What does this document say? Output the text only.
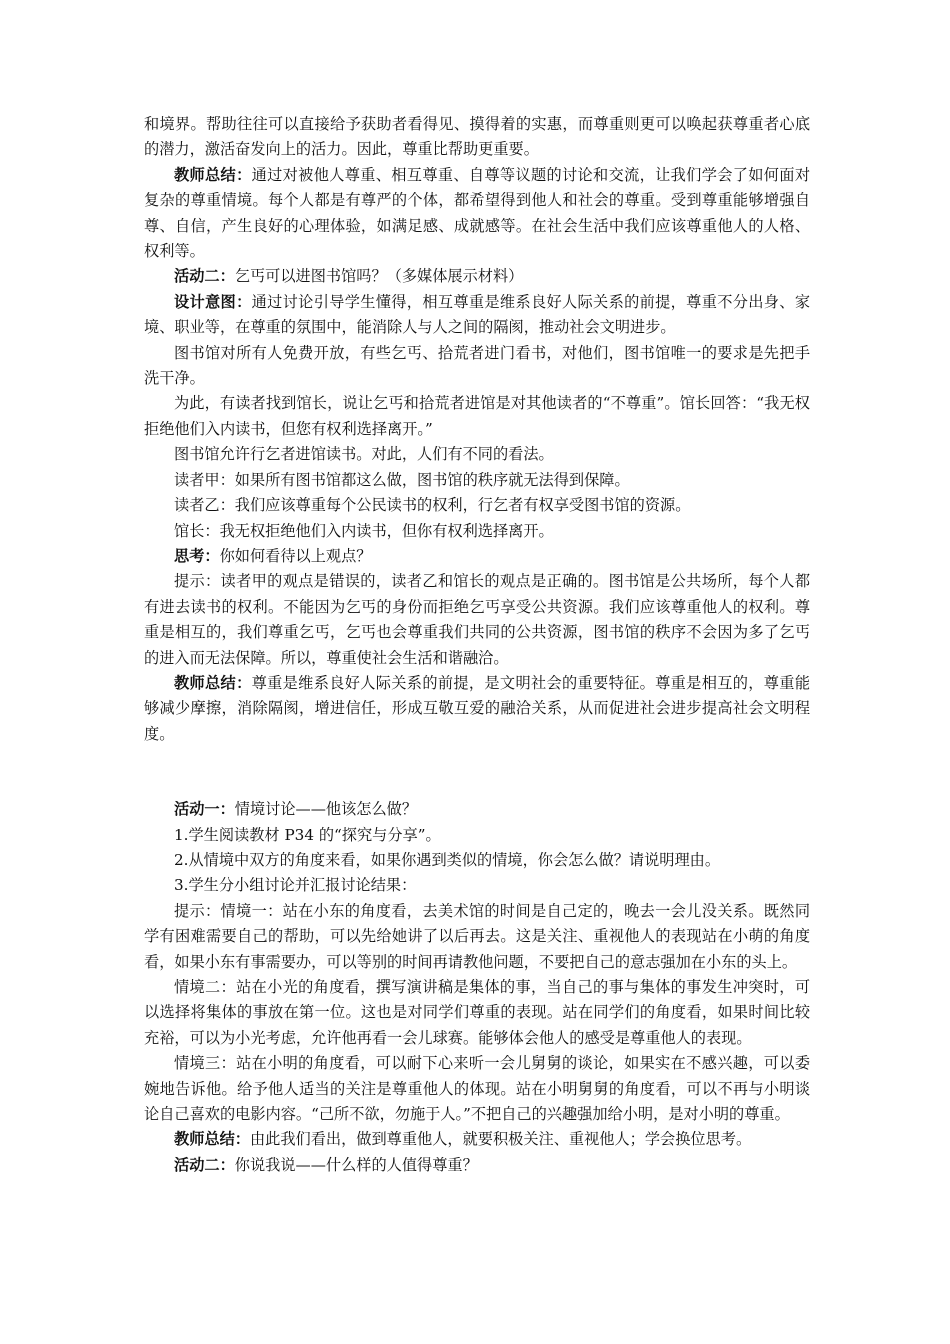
和境界。帮助往往可以直接给予获助者看得见、摸得着的实惠，而尊重则更可以唤起获尊重者心底的潜力，激活奋发向上的活力。因此，尊重比帮助更重要。

教师总结：通过对被他人尊重、相互尊重、自尊等议题的讨论和交流，让我们学会了如何面对复杂的尊重情境。每个人都是有尊严的个体，都希望得到他人和社会的尊重。受到尊重能够增强自尊、自信，产生良好的心理体验，如满足感、成就感等。在社会生活中我们应该尊重他人的人格、权利等。

活动二：乞丐可以进图书馆吗？（多媒体展示材料）

设计意图：通过讨论引导学生懂得，相互尊重是维系良好人际关系的前提，尊重不分出身、家境、职业等，在尊重的氛围中，能消除人与人之间的隔阂，推动社会文明进步。

图书馆对所有人免费开放，有些乞丐、拾荒者进门看书，对他们，图书馆唯一的要求是先把手洗干净。

为此，有读者找到馆长，说让乞丐和拾荒者进馆是对其他读者的“不尊重”。馆长回答：“我无权拒绝他们入内读书，但您有权利选择离开。”

图书馆允许行乞者进馆读书。对此，人们有不同的看法。

读者甲：如果所有图书馆都这么做，图书馆的秩序就无法得到保障。

读者乙：我们应该尊重每个公民读书的权利，行乞者有权享受图书馆的资源。

馆长：我无权拒绝他们入内读书，但你有权利选择离开。

思考：你如何看待以上观点？

提示：读者甲的观点是错误的，读者乙和馆长的观点是正确的。图书馆是公共场所，每个人都有进去读书的权利。不能因为乞丐的身份而拒绝乞丐享受公共资源。我们应该尊重他人的权利。尊重是相互的，我们尊重乞丐，乞丐也会尊重我们共同的公共资源，图书馆的秩序不会因为多了乞丐的进入而无法保障。所以，尊重使社会生活和谐融洽。

教师总结：尊重是维系良好人际关系的前提，是文明社会的重要特征。尊重是相互的，尊重能够减少摩擦，消除隔阂，增进信任，形成互敬互爱的融洽关系，从而促进社会进步提高社会文明程度。

活动一：情境讨论——他该怎么做？

1.学生阅读教材 P34 的“探究与分享”。

2.从情境中双方的角度来看，如果你遇到类似的情境，你会怎么做？请说明理由。

3.学生分小组讨论并汇报讨论结果：

提示：情境一：站在小东的角度看，去美术馆的时间是自己定的，晚去一会儿没关系。既然同学有困难需要自己的帮助，可以先给她讲了以后再去。这是关注、重视他人的表现站在小萌的角度看，如果小东有事需要办，可以等别的时间再请教他问题，不要把自己的意志强加在小东的头上。

情境二：站在小光的角度看，撰写演讲稿是集体的事，当自己的事与集体的事发生冲突时，可以选择将集体的事放在第一位。这也是对同学们尊重的表现。站在同学们的角度看，如果时间比较充裕，可以为小光考虑，允许他再看一会儿球赛。能够体会他人的感受是尊重他人的表现。

情境三：站在小明的角度看，可以耐下心来听一会儿舅舅的谈论，如果实在不感兴趣，可以委婉地告诉他。给予他人适当的关注是尊重他人的体现。站在小明舅舅的角度看，可以不再与小明谈论自己喜欢的电影内容。“己所不欲，勿施于人。”不把自己的兴趣强加给小明，是对小明的尊重。

教师总结：由此我们看出，做到尊重他人，就要积极关注、重视他人；学会换位思考。

活动二：你说我说——什么样的人值得尊重？
